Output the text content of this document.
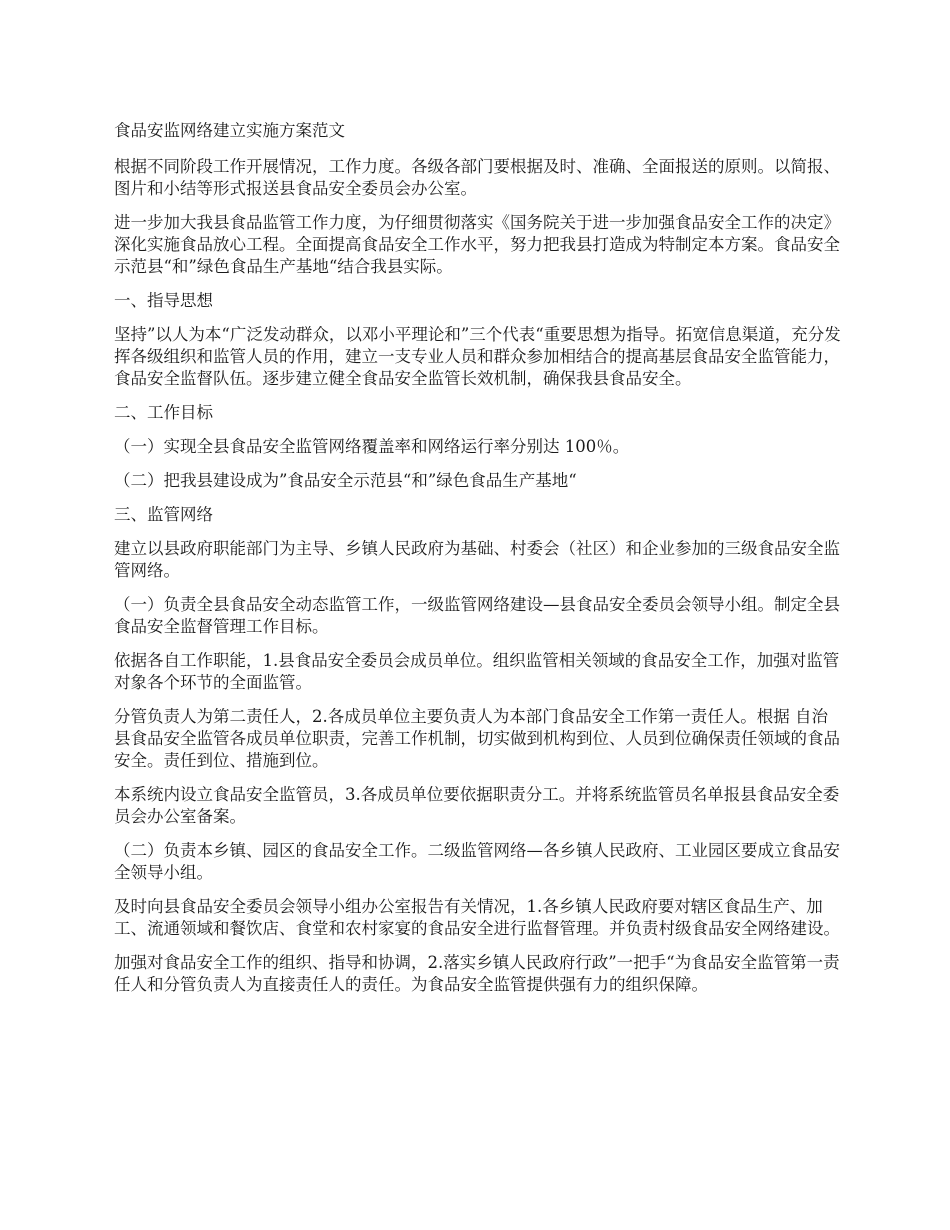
食品安监网络建立实施方案范文

根据不同阶段工作开展情况，工作力度。各级各部门要根据及时、准确、全面报送的原则。以简报、图片和小结等形式报送县食品安全委员会办公室。

进一步加大我县食品监管工作力度，为仔细贯彻落实《国务院关于进一步加强食品安全工作的决定》深化实施食品放心工程。全面提高食品安全工作水平，努力把我县打造成为特制定本方案。食品安全示范县“和”绿色食品生产基地“结合我县实际。

一、指导思想

坚持”以人为本“广泛发动群众，以邓小平理论和”三个代表“重要思想为指导。拓宽信息渠道，充分发挥各级组织和监管人员的作用，建立一支专业人员和群众参加相结合的提高基层食品安全监管能力，食品安全监督队伍。逐步建立健全食品安全监管长效机制，确保我县食品安全。

二、工作目标

（一）实现全县食品安全监管网络覆盖率和网络运行率分别达 100％。

（二）把我县建设成为”食品安全示范县“和”绿色食品生产基地“

三、监管网络

建立以县政府职能部门为主导、乡镇人民政府为基础、村委会（社区）和企业参加的三级食品安全监管网络。

（一）负责全县食品安全动态监管工作，一级监管网络建设—县食品安全委员会领导小组。制定全县食品安全监督管理工作目标。

依据各自工作职能，1.县食品安全委员会成员单位。组织监管相关领域的食品安全工作，加强对监管对象各个环节的全面监管。

分管负责人为第二责任人，2.各成员单位主要负责人为本部门食品安全工作第一责任人。根据 自治县食品安全监管各成员单位职责，完善工作机制，切实做到机构到位、人员到位确保责任领域的食品安全。责任到位、措施到位。

本系统内设立食品安全监管员，3.各成员单位要依据职责分工。并将系统监管员名单报县食品安全委员会办公室备案。

（二）负责本乡镇、园区的食品安全工作。二级监管网络—各乡镇人民政府、工业园区要成立食品安全领导小组。

及时向县食品安全委员会领导小组办公室报告有关情况，1.各乡镇人民政府要对辖区食品生产、加工、流通领域和餐饮店、食堂和农村家宴的食品安全进行监督管理。并负责村级食品安全网络建设。

加强对食品安全工作的组织、指导和协调，2.落实乡镇人民政府行政”一把手“为食品安全监管第一责任人和分管负责人为直接责任人的责任。为食品安全监管提供强有力的组织保障。
